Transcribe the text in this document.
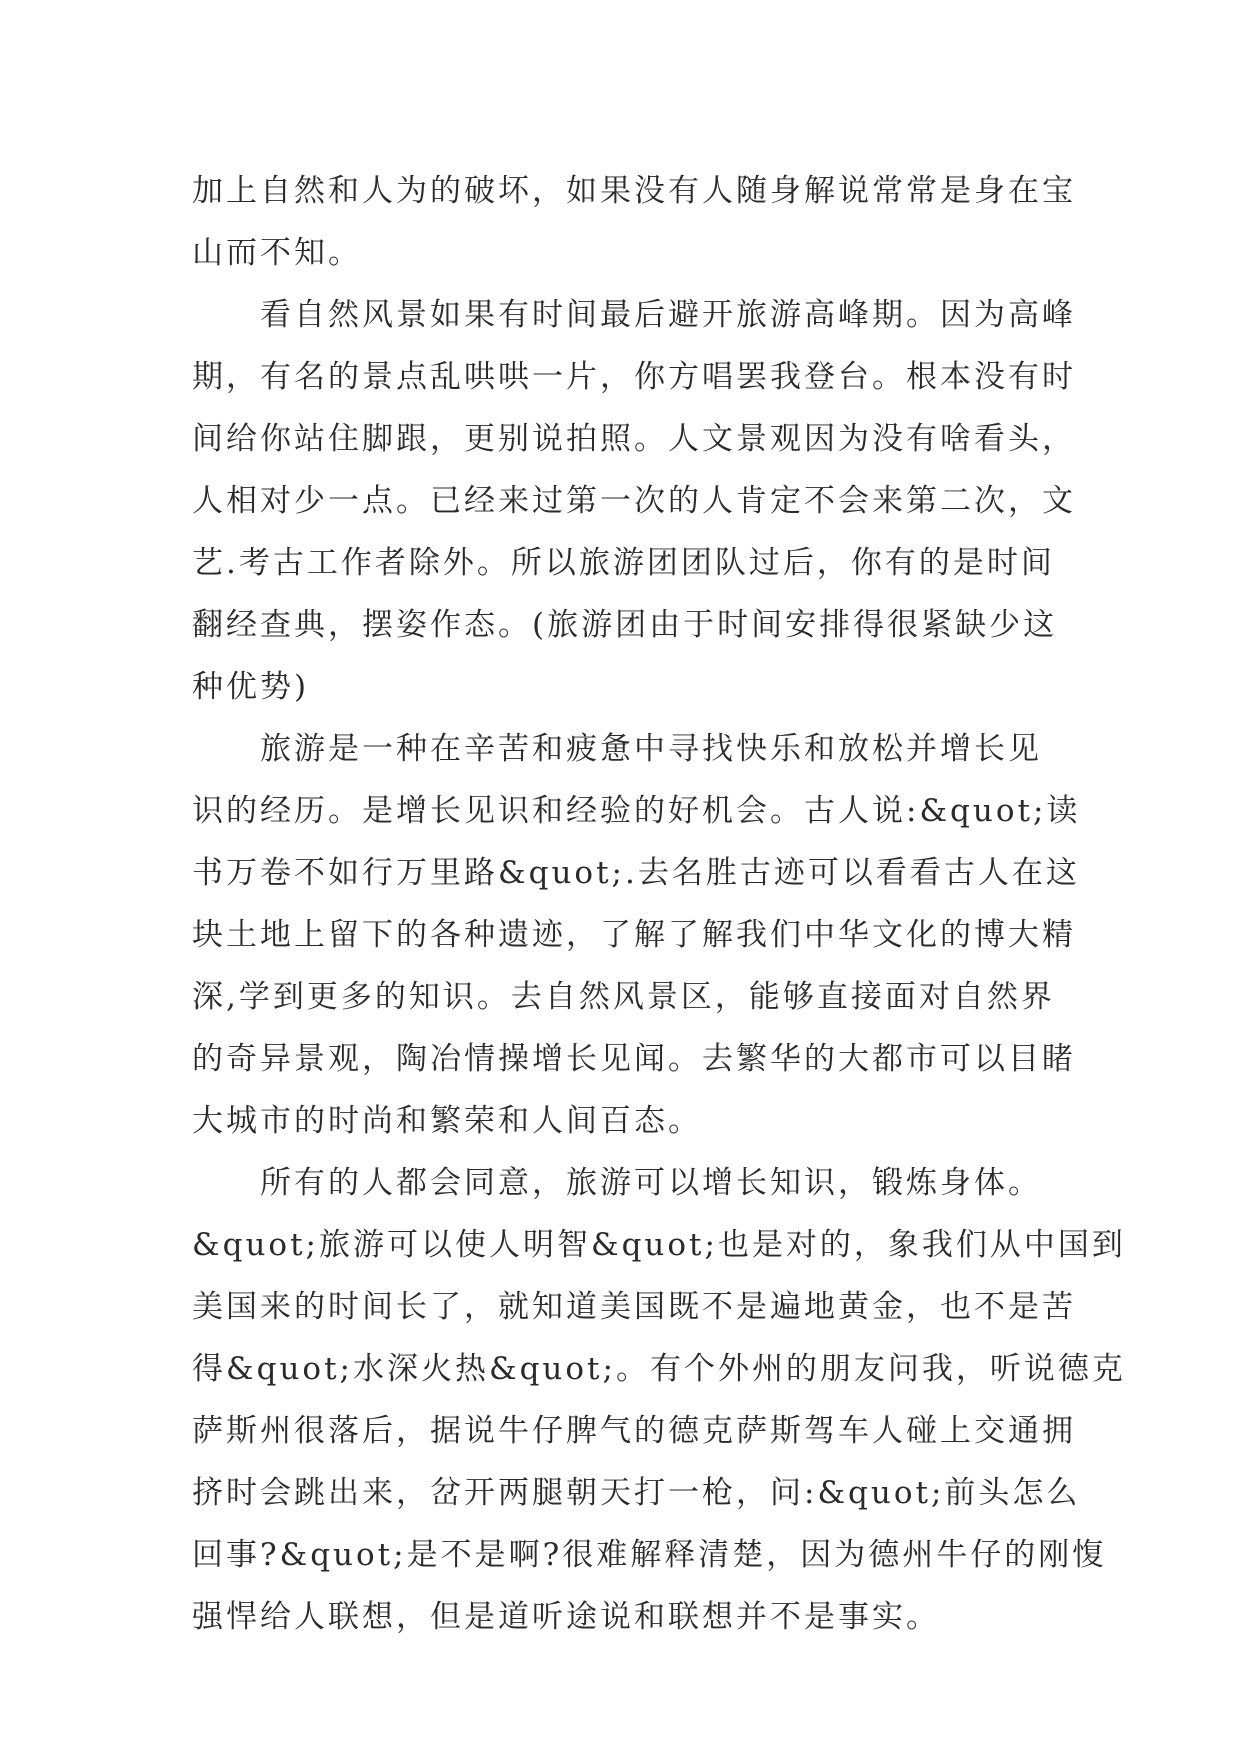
加上自然和人为的破坏，如果没有人随身解说常常是身在宝
山而不知。
看自然风景如果有时间最后避开旅游高峰期。因为高峰
期，有名的景点乱哄哄一片，你方唱罢我登台。根本没有时
间给你站住脚跟，更别说拍照。人文景观因为没有啥看头，
人相对少一点。已经来过第一次的人肯定不会来第二次，文
艺.考古工作者除外。所以旅游团团队过后，你有的是时间
翻经查典，摆姿作态。(旅游团由于时间安排得很紧缺少这
种优势)
旅游是一种在辛苦和疲惫中寻找快乐和放松并增长见
识的经历。是增长见识和经验的好机会。古人说:&quot;读
书万卷不如行万里路&quot;.去名胜古迹可以看看古人在这
块土地上留下的各种遗迹，了解了解我们中华文化的博大精
深,学到更多的知识。去自然风景区，能够直接面对自然界
的奇异景观，陶冶情操增长见闻。去繁华的大都市可以目睹
大城市的时尚和繁荣和人间百态。
所有的人都会同意，旅游可以增长知识，锻炼身体。
&quot;旅游可以使人明智&quot;也是对的，象我们从中国到
美国来的时间长了，就知道美国既不是遍地黄金，也不是苦
得&quot;水深火热&quot;。有个外州的朋友问我，听说德克
萨斯州很落后，据说牛仔脾气的德克萨斯驾车人碰上交通拥
挤时会跳出来，岔开两腿朝天打一枪，问:&quot;前头怎么
回事?&quot;是不是啊?很难解释清楚，因为德州牛仔的刚愎
强悍给人联想，但是道听途说和联想并不是事实。
